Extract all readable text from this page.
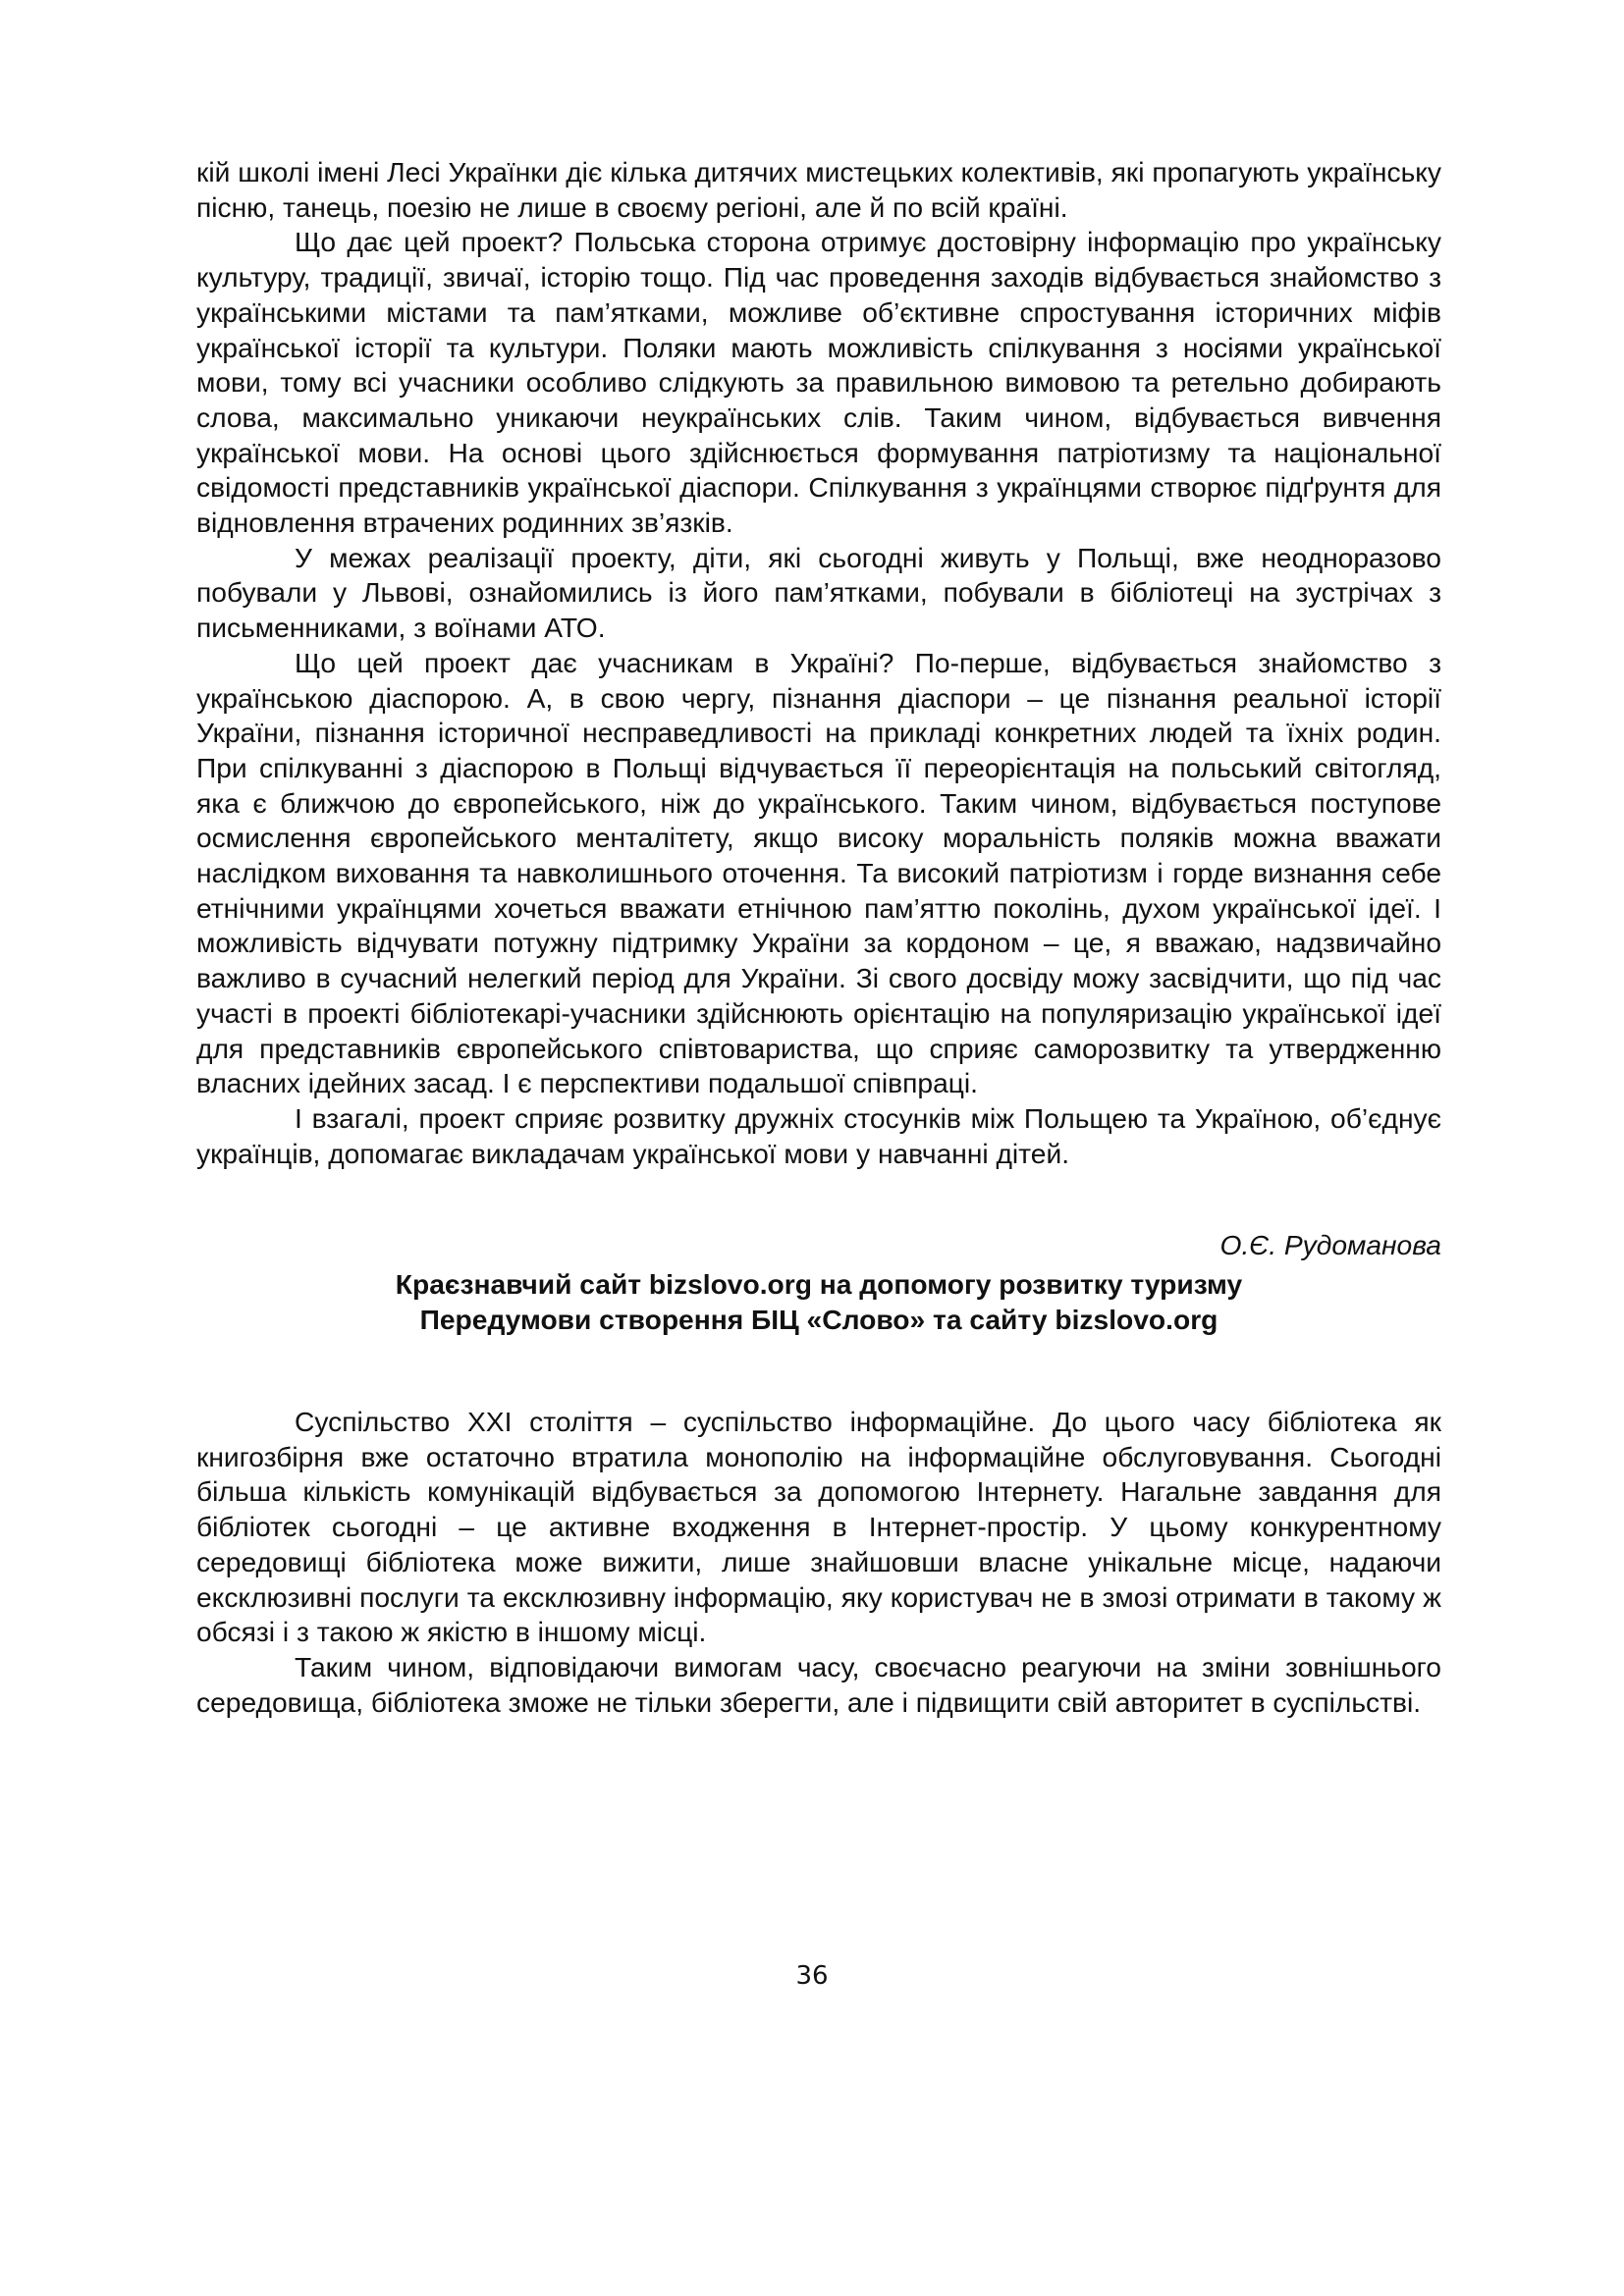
кій школі імені Лесі Українки діє кілька дитячих мистецьких колективів, які пропагують українську пісню, танець, поезію не лише в своєму регіоні, але й по всій країні.

Що дає цей проект? Польська сторона отримує достовірну інформацію про українську культуру, традиції, звичаї, історію тощо. Під час проведення заходів відбувається знайомство з українськими містами та пам’ятками, можливе об’єктивне спростування історичних міфів української історії та культури. Поляки мають можливість спілкування з носіями української мови, тому всі учасники особливо слідкують за правильною вимовою та ретельно добирають слова, максимально уникаючи неукраїнських слів. Таким чином, відбувається вивчення української мови. На основі цього здійснюється формування патріотизму та національної свідомості представників української діаспори. Спілкування з українцями створює підґрунтя для відновлення втрачених родинних зв’язків.

У межах реалізації проекту, діти, які сьогодні живуть у Польщі, вже неодноразово побували у Львові, ознайомились із його пам’ятками, побували в бібліотеці на зустрічах з письменниками, з воїнами АТО.

Що цей проект дає учасникам в Україні? По-перше, відбувається знайомство з українською діаспорою. А, в свою чергу, пізнання діаспори – це пізнання реальної історії України, пізнання історичної несправедливості на прикладі конкретних людей та їхніх родин. При спілкуванні з діаспорою в Польщі відчувається її переорієнтація на польський світогляд, яка є ближчою до європейського, ніж до українського. Таким чином, відбувається поступове осмислення європейського менталітету, якщо високу моральність поляків можна вважати наслідком виховання та навколишнього оточення. Та високий патріотизм і горде визнання себе етнічними українцями хочеться вважати етнічною пам’яттю поколінь, духом української ідеї. І можливість відчувати потужну підтримку України за кордоном – це, я вважаю, надзвичайно важливо в сучасний нелегкий період для України. Зі свого досвіду можу засвідчити, що під час участі в проекті бібліотекарі-учасники здійснюють орієнтацію на популяризацію української ідеї для представників європейського співтовариства, що сприяє саморозвитку та утвердженню власних ідейних засад. І є перспективи подальшої співпраці.

І взагалі, проект сприяє розвитку дружніх стосунків між Польщею та Україною, об’єднує українців, допомагає викладачам української мови у навчанні дітей.

О.Є. Рудоманова

Краєзнавчий сайт bizslovo.org на допомогу розвитку туризму
Передумови створення БІЦ «Слово» та сайту bizslovo.org

Суспільство XXI століття – суспільство інформаційне. До цього часу бібліотека як книгозбірня вже остаточно втратила монополію на інформаційне обслуговування. Сьогодні більша кількість комунікацій відбувається за допомогою Інтернету. Нагальне завдання для бібліотек сьогодні – це активне входження в Інтернет-простір. У цьому конкурентному середовищі бібліотека може вижити, лише знайшовши власне унікальне місце, надаючи ексклюзивні послуги та ексклюзивну інформацію, яку користувач не в змозі отримати в такому ж обсязі і з такою ж якістю в іншому місці.

Таким чином, відповідаючи вимогам часу, своєчасно реагуючи на зміни зовнішнього середовища, бібліотека зможе не тільки зберегти, але і підвищити свій авторитет в суспільстві.

36
